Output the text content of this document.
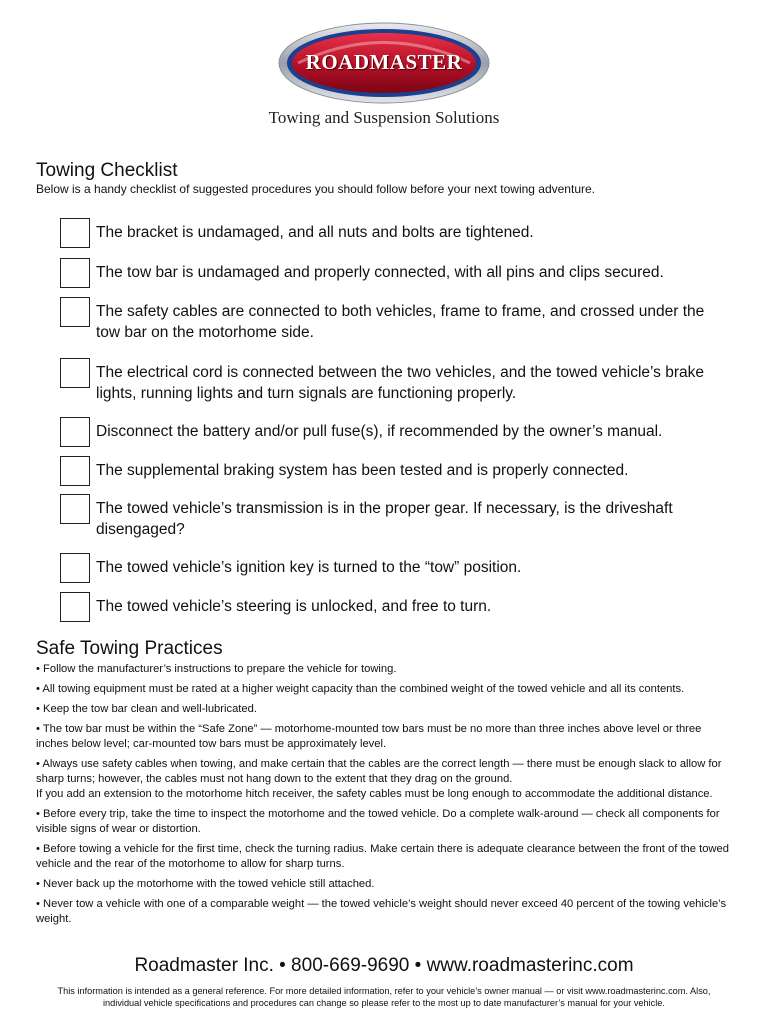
ROADMASTER
Towing and Suspension Solutions
Towing Checklist
Below is a handy checklist of suggested procedures you should follow before your next towing adventure.
The bracket is undamaged, and all nuts and bolts are tightened.
The tow bar is undamaged and properly connected, with all pins and clips secured.
The safety cables are connected to both vehicles, frame to frame, and crossed under the tow bar on the motorhome side.
The electrical cord is connected between the two vehicles, and the towed vehicle’s brake lights, running lights and turn signals are functioning properly.
Disconnect the battery and/or pull fuse(s), if recommended by the owner’s manual.
The supplemental braking system has been tested and is properly connected.
The towed vehicle’s transmission is in the proper gear. If necessary, is the driveshaft disengaged?
The towed vehicle’s ignition key is turned to the “tow” position.
The towed vehicle’s steering is unlocked, and free to turn.
Safe Towing Practices
• Follow the manufacturer’s instructions to prepare the vehicle for towing.
• All towing equipment must be rated at a higher weight capacity than the combined weight of the towed vehicle and all its contents.
• Keep the tow bar clean and well-lubricated.
• The tow bar must be within the “Safe Zone” — motorhome-mounted tow bars must be no more than three inches above level or three inches below level; car-mounted tow bars must be approximately level.
• Always use safety cables when towing, and make certain that the cables are the correct length — there must be enough slack to allow for sharp turns; however, the cables must not hang down to the extent that they drag on the ground.
If you add an extension to the motorhome hitch receiver, the safety cables must be long enough to accommodate the additional distance.
• Before every trip, take the time to inspect the motorhome and the towed vehicle. Do a complete walk-around — check all components for visible signs of wear or distortion.
• Before towing a vehicle for the first time, check the turning radius. Make certain there is adequate clearance between the front of the towed vehicle and the rear of the motorhome to allow for sharp turns.
• Never back up the motorhome with the towed vehicle still attached.
• Never tow a vehicle with one of a comparable weight — the towed vehicle’s weight should never exceed 40 percent of the towing vehicle’s weight.
Roadmaster Inc. • 800-669-9690 • www.roadmasterinc.com
This information is intended as a general reference. For more detailed information, refer to your vehicle’s owner manual — or visit www.roadmasterinc.com. Also, individual vehicle specifications and procedures can change so please refer to the most up to date manufacturer’s manual for your vehicle.
